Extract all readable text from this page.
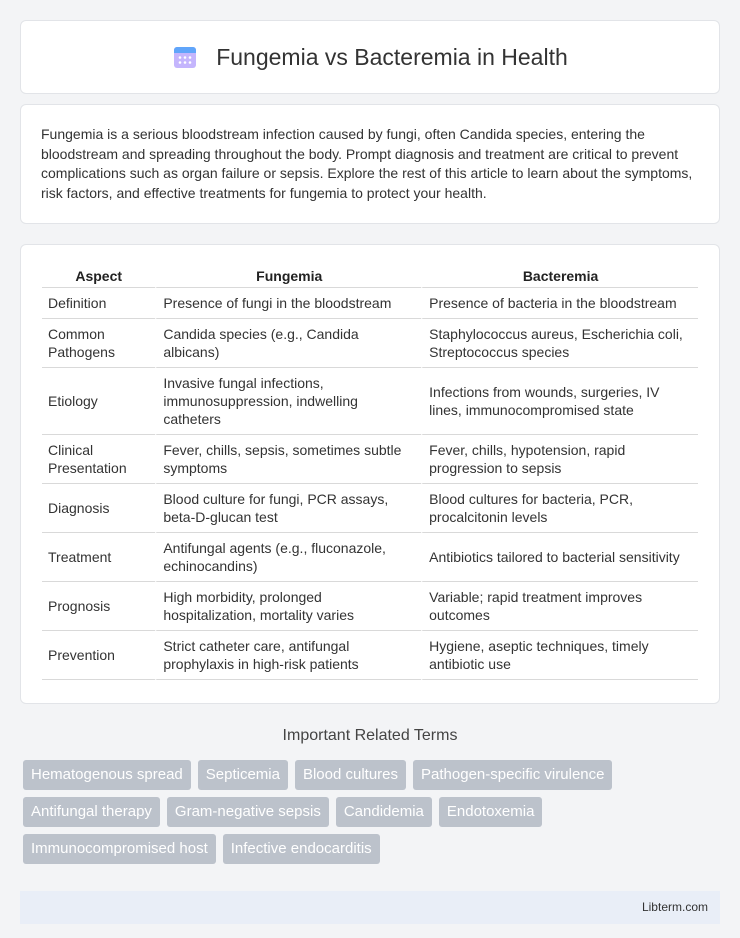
Fungemia vs Bacteremia in Health

Fungemia is a serious bloodstream infection caused by fungi, often Candida species, entering the bloodstream and spreading throughout the body. Prompt diagnosis and treatment are critical to prevent complications such as organ failure or sepsis. Explore the rest of this article to learn about the symptoms, risk factors, and effective treatments for fungemia to protect your health.

Aspect	Fungemia	Bacteremia
Definition	Presence of fungi in the bloodstream	Presence of bacteria in the bloodstream
Common Pathogens	Candida species (e.g., Candida albicans)	Staphylococcus aureus, Escherichia coli, Streptococcus species
Etiology	Invasive fungal infections, immunosuppression, indwelling catheters	Infections from wounds, surgeries, IV lines, immunocompromised state
Clinical Presentation	Fever, chills, sepsis, sometimes subtle symptoms	Fever, chills, hypotension, rapid progression to sepsis
Diagnosis	Blood culture for fungi, PCR assays, beta-D-glucan test	Blood cultures for bacteria, PCR, procalcitonin levels
Treatment	Antifungal agents (e.g., fluconazole, echinocandins)	Antibiotics tailored to bacterial sensitivity
Prognosis	High morbidity, prolonged hospitalization, mortality varies	Variable; rapid treatment improves outcomes
Prevention	Strict catheter care, antifungal prophylaxis in high-risk patients	Hygiene, aseptic techniques, timely antibiotic use
Important Related Terms
Hematogenous spread	Septicemia	Blood cultures	Pathogen-specific virulence
Antifungal therapy	Gram-negative sepsis	Candidemia	Endotoxemia
Immunocompromised host	Infective endocarditis
Libterm.com
